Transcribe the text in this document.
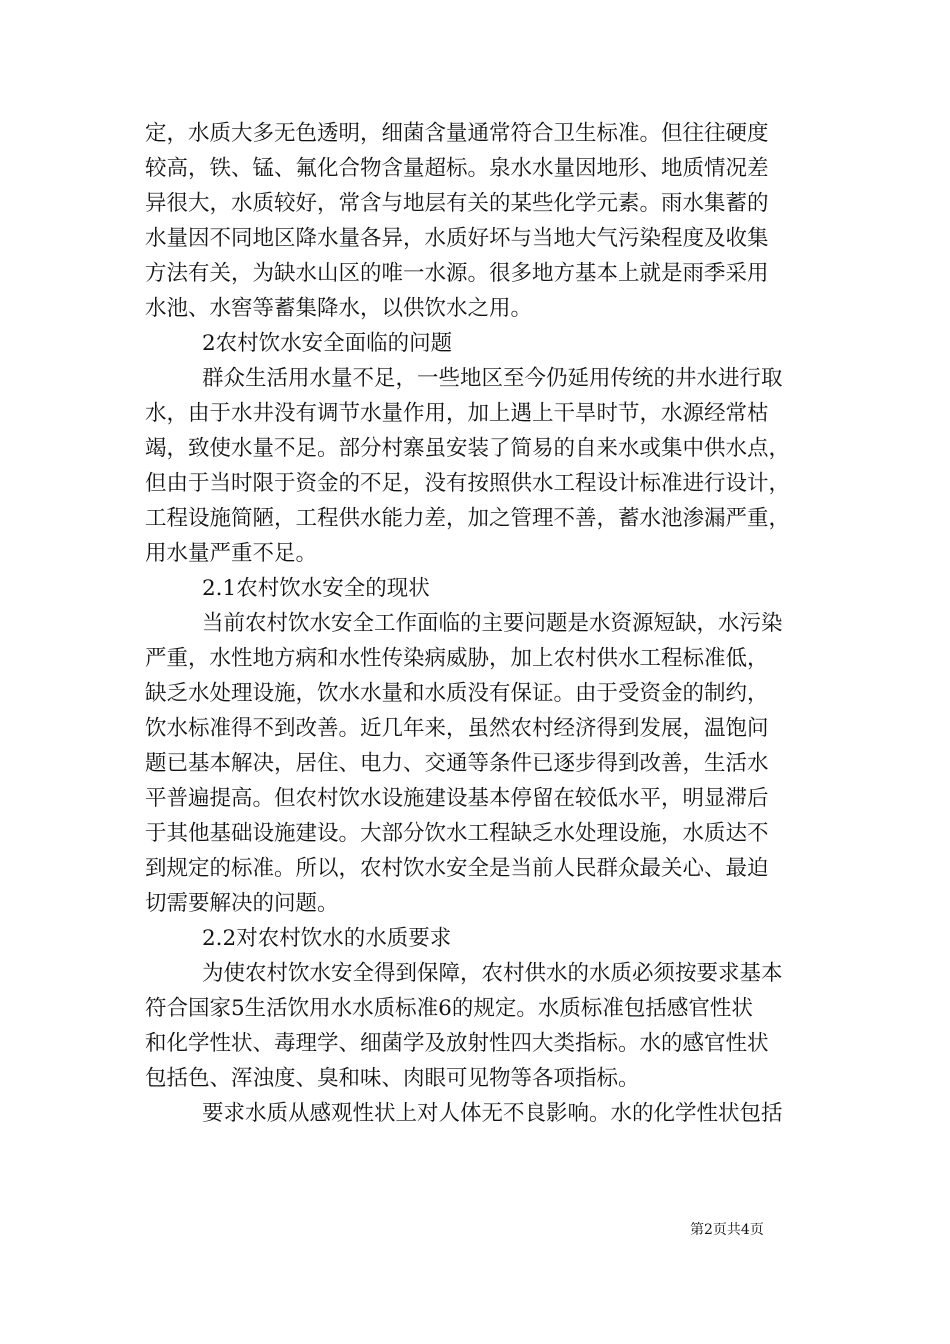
定，水质大多无色透明，细菌含量通常符合卫生标准。但往往硬度
较高，铁、锰、氟化合物含量超标。泉水水量因地形、地质情况差
异很大，水质较好，常含与地层有关的某些化学元素。雨水集蓄的
水量因不同地区降水量各异，水质好坏与当地大气污染程度及收集
方法有关，为缺水山区的唯一水源。很多地方基本上就是雨季采用
水池、水窖等蓄集降水，以供饮水之用。
2农村饮水安全面临的问题
群众生活用水量不足，一些地区至今仍延用传统的井水进行取
水，由于水井没有调节水量作用，加上遇上干旱时节，水源经常枯
竭，致使水量不足。部分村寨虽安装了简易的自来水或集中供水点，
但由于当时限于资金的不足，没有按照供水工程设计标准进行设计，
工程设施简陋，工程供水能力差，加之管理不善，蓄水池渗漏严重，
用水量严重不足。
2.1农村饮水安全的现状
当前农村饮水安全工作面临的主要问题是水资源短缺，水污染
严重，水性地方病和水性传染病威胁，加上农村供水工程标准低，
缺乏水处理设施，饮水水量和水质没有保证。由于受资金的制约，
饮水标准得不到改善。近几年来，虽然农村经济得到发展，温饱问
题已基本解决，居住、电力、交通等条件已逐步得到改善，生活水
平普遍提高。但农村饮水设施建设基本停留在较低水平，明显滞后
于其他基础设施建设。大部分饮水工程缺乏水处理设施，水质达不
到规定的标准。所以，农村饮水安全是当前人民群众最关心、最迫
切需要解决的问题。
2.2对农村饮水的水质要求
为使农村饮水安全得到保障，农村供水的水质必须按要求基本
符合国家5生活饮用水水质标准6的规定。水质标准包括感官性状
和化学性状、毒理学、细菌学及放射性四大类指标。水的感官性状
包括色、浑浊度、臭和味、肉眼可见物等各项指标。
要求水质从感观性状上对人体无不良影响。水的化学性状包括
第2页共4页
